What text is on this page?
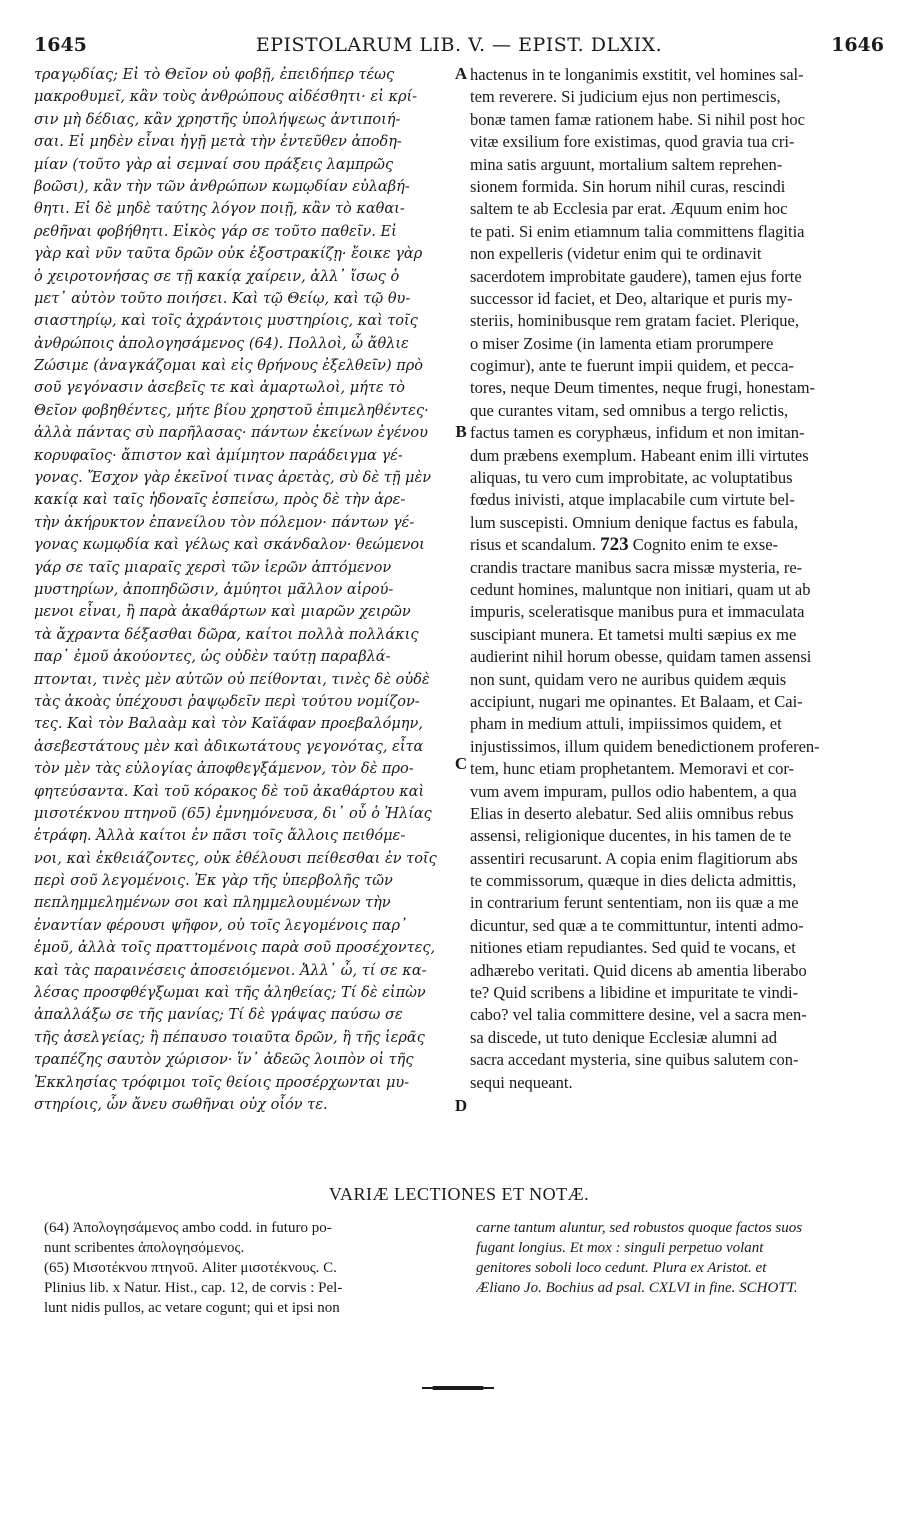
1645	EPISTOLARUM LIB. V. — EPIST. DLXIX.	1646
τραγῳδίας; Εἰ τὸ Θεῖον οὐ φοβῇ, ἐπειδήπερ τέως
μακροθυμεῖ, κἂν τοὺς ἀνθρώπους αἰδέσθητι· εἰ κρί-
σιν μὴ δέδιας, κἂν χρηστῆς ὑπολήψεως ἀντιποιή-
σαι. Εἰ μηδὲν εἶναι ἡγῇ μετὰ τὴν ἐντεῦθεν ἀποδη-
μίαν (τοῦτο γὰρ αἱ σεμναί σου πράξεις λαμπρῶς
βοῶσι), κἂν τὴν τῶν ἀνθρώπων κωμῳδίαν εὐλαβή-
θητι. Εἰ δὲ μηδὲ ταύτης λόγον ποιῇ, κἂν τὸ καθαι-
ρεθῆναι φοβήθητι. Εἰκὸς γάρ σε τοῦτο παθεῖν. Εἰ
γὰρ καὶ νῦν ταῦτα δρῶν οὐκ ἐξοστρακίζῃ· ἔοικε γὰρ
ὁ χειροτονήσας σε τῇ κακίᾳ χαίρειν, ἀλλ᾽ ἴσως ὁ
μετ᾽ αὐτὸν τοῦτο ποιήσει. Καὶ τῷ Θείῳ, καὶ τῷ θυ-
σιαστηρίῳ, καὶ τοῖς ἀχράντοις μυστηρίοις, καὶ τοῖς
ἀνθρώποις ἀπολογησάμενος (64). Πολλοὶ, ὦ ἄθλιε
Ζώσιμε (ἀναγκάζομαι καὶ εἰς θρήνους ἐξελθεῖν) πρὸ
σοῦ γεγόνασιν ἀσεβεῖς τε καὶ ἁμαρτωλοὶ, μήτε τὸ
Θεῖον φοβηθέντες, μήτε βίου χρηστοῦ ἐπιμεληθέντες·
ἀλλὰ πάντας σὺ παρῆλασας· πάντων ἐκείνων ἐγένου
κορυφαῖος· ἄπιστον καὶ ἀμίμητον παράδειγμα γέ-
γονας. Ἔσχον γὰρ ἐκεῖνοί τινας ἀρετὰς, σὺ δὲ τῇ μὲν
κακίᾳ καὶ ταῖς ἡδοναῖς ἐσπείσω, πρὸς δὲ τὴν ἀρε-
τὴν ἀκήρυκτον ἐπανείλου τὸν πόλεμον· πάντων γέ-
γονας κωμῳδία καὶ γέλως καὶ σκάνδαλον· θεώμενοι
γάρ σε ταῖς μιαραῖς χερσὶ τῶν ἱερῶν ἁπτόμενον
μυστηρίων, ἀποπηδῶσιν, ἀμύητοι μᾶλλον αἱρού-
μενοι εἶναι, ἢ παρὰ ἀκαθάρτων καὶ μιαρῶν χειρῶν
τὰ ἄχραντα δέξασθαι δῶρα, καίτοι πολλὰ πολλάκις
παρ᾽ ἐμοῦ ἀκούοντες, ὡς οὐδὲν ταύτῃ παραβλά-
πτονται, τινὲς μὲν αὐτῶν οὐ πείθονται, τινὲς δὲ οὐδὲ
τὰς ἀκοὰς ὑπέχουσι ῥαψῳδεῖν περὶ τούτου νομίζον-
τες. Καὶ τὸν Βαλαὰμ καὶ τὸν Καϊάφαν προεβαλόμην,
ἀσεβεστάτους μὲν καὶ ἀδικωτάτους γεγονότας, εἶτα
τὸν μὲν τὰς εὐλογίας ἀποφθεγξάμενον, τὸν δὲ προ-
φητεύσαντα. Καὶ τοῦ κόρακος δὲ τοῦ ἀκαθάρτου καὶ
μισοτέκνου πτηνοῦ (65) ἐμνημόνευσα, δι᾽ οὗ ὁ Ἠλίας
ἐτράφη. Ἀλλὰ καίτοι ἐν πᾶσι τοῖς ἄλλοις πειθόμε-
νοι, καὶ ἐκθειάζοντες, οὐκ ἐθέλουσι πείθεσθαι ἐν τοῖς
περὶ σοῦ λεγομένοις. Ἐκ γὰρ τῆς ὑπερβολῆς τῶν
πεπλημμελημένων σοι καὶ πλημμελουμένων τὴν
ἐναντίαν φέρουσι ψῆφον, οὐ τοῖς λεγομένοις παρ᾽
ἐμοῦ, ἀλλὰ τοῖς πραττομένοις παρὰ σοῦ προσέχοντες,
καὶ τὰς παραινέσεις ἀποσειόμενοι. Ἀλλ᾽ ὦ, τί σε κα-
λέσας προσφθέγξωμαι καὶ τῆς ἀληθείας; Τί δὲ εἰπὼν
ἀπαλλάξω σε τῆς μανίας; Τί δὲ γράψας παύσω σε
τῆς ἀσελγείας; ἢ πέπαυσο τοιαῦτα δρῶν, ἢ τῆς ἱερᾶς
τραπέζης σαυτὸν χώρισον· ἵν᾽ ἀδεῶς λοιπὸν οἱ τῆς
Ἐκκλησίας τρόφιμοι τοῖς θείοις προσέρχωνται μυ-
στηρίοις, ὧν ἄνευ σωθῆναι οὐχ οἷόν τε.
hactenus in te longanimis exstitit, vel homines sal-
tem reverere. Si judicium ejus non pertimescis,
bonæ tamen famæ rationem habe. Si nihil post hoc
vitæ exsilium fore existimas, quod gravia tua cri-
mina satis arguunt, mortalium saltem reprehen-
sionem formida. Sin horum nihil curas, rescindi
saltem te ab Ecclesia par erat. Æquum enim hoc
te pati. Si enim etiamnum talia committens flagitia
non expelleris (videtur enim qui te ordinavit
sacerdotem improbitate gaudere), tamen ejus forte
successor id faciet, et Deo, altarique et puris my-
steriis, hominibusque rem gratam faciet. Plerique,
o miser Zosime (in lamenta etiam prorumpere
cogimur), ante te fuerunt impii quidem, et pecca-
tores, neque Deum timentes, neque frugi, honestam-
que curantes vitam, sed omnibus a tergo relictis,
factus tamen es coryphæus, infidum et non imitan-
dum præbens exemplum. Habeant enim illi virtutes
aliquas, tu vero cum improbitate, ac voluptatibus
fœdus inivisti, atque implacabile cum virtute bel-
lum suscepisti. Omnium denique factus es fabula,
risus et scandalum. 723 Cognito enim te exse-
crandis tractare manibus sacra missæ mysteria, re-
cedunt homines, maluntque non initiari, quam ut ab
impuris, sceleratisque manibus pura et immaculata
suscipiant munera. Et tametsi multi sæpius ex me
audierint nihil horum obesse, quidam tamen assensi
non sunt, quidam vero ne auribus quidem æquis
accipiunt, nugari me opinantes. Et Balaam, et Cai-
pham in medium attuli, impiissimos quidem, et
injustissimos, illum quidem benedictionem proferen-
tem, hunc etiam prophetantem. Memoravi et cor-
vum avem impuram, pullos odio habentem, a qua
Elias in deserto alebatur. Sed aliis omnibus rebus
assensi, religionique ducentes, in his tamen de te
assentiri recusarunt. A copia enim flagitiorum abs
te commissorum, quæque in dies delicta admittis,
in contrarium ferunt sententiam, non iis quæ a me
dicuntur, sed quæ a te committuntur, intenti admo-
nitiones etiam repudiantes. Sed quid te vocans, et
adhærebo veritati. Quid dicens ab amentia liberabo
te? Quid scribens a libidine et impuritate te vindi-
cabo? vel talia committere desine, vel a sacra men-
sa discede, ut tuto denique Ecclesiæ alumni ad
sacra accedant mysteria, sine quibus salutem con-
sequi nequeant.
A
B
C
D
VARIÆ LECTIONES ET NOTÆ.
(64) Ἀπολογησάμενος ambo codd. in futuro po-
nunt scribentes ἀπολογησόμενος.
(65) Μισοτέκνου πτηνοῦ. Aliter μισοτέκνους. C.
Plinius lib. x Natur. Hist., cap. 12, de corvis : Pel-
lunt nidis pullos, ac vetare cogunt; qui et ipsi non
carne tantum aluntur, sed robustos quoque factos suos
fugant longius. Et mox : singuli perpetuo volant
genitores soboli loco cedunt. Plura ex Aristot. et
Æliano Jo. Bochius ad psal. CXLVI in fine. SCHOTT.
